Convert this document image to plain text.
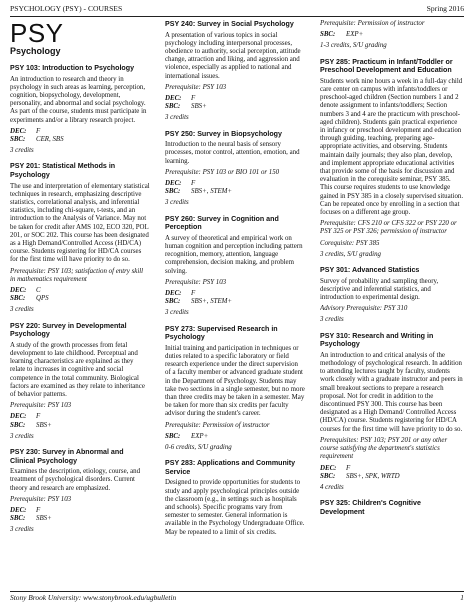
PSYCHOLOGY (PSY) - COURSES	Spring 2016
PSY
Psychology
PSY 103: Introduction to Psychology
An introduction to research and theory in psychology in such areas as learning, perception, cognition, biopsychology, development, personality, and abnormal and social psychology. As part of the course, students must participate in experiments and/or a library research project.
DEC: F
SBC: CER, SBS
3 credits
PSY 201: Statistical Methods in Psychology
The use and interpretation of elementary statistical techniques in research, emphasizing descriptive statistics, correlational analysis, and inferential statistics, including chi-square, t-tests, and an introduction to the Analysis of Variance. May not be taken for credit after AMS 102, ECO 320, POL 201, or SOC 202. This course has been designated as a High Demand/Controlled Access (HD/CA) course. Students registering for HD/CA courses for the first time will have priority to do so.
Prerequisite: PSY 103; satisfaction of entry skill in mathematics requirement
DEC: C
SBC: QPS
3 credits
PSY 220: Survey in Developmental Psychology
A study of the growth processes from fetal development to late childhood. Perceptual and learning characteristics are explained as they relate to increases in cognitive and social competence in the total community. Biological factors are examined as they relate to inheritance of behavior patterns.
Prerequisite: PSY 103
DEC: F
SBC: SBS+
3 credits
PSY 230: Survey in Abnormal and Clinical Psychology
Examines the description, etiology, course, and treatment of psychological disorders. Current theory and research are emphasized.
Prerequisite: PSY 103
DEC: F
SBC: SBS+
3 credits
PSY 240: Survey in Social Psychology
A presentation of various topics in social psychology including interpersonal processes, obedience to authority, social perception, attitude change, attraction and liking, and aggression and violence, especially as applied to national and international issues.
Prerequisite: PSY 103
DEC: F
SBC: SBS+
3 credits
PSY 250: Survey in Biopsychology
Introduction to the neural basis of sensory processes, motor control, attention, emotion, and learning.
Prerequisite: PSY 103 or BIO 101 or 150
DEC: F
SBC: SBS+, STEM+
3 credits
PSY 260: Survey in Cognition and Perception
A survey of theoretical and empirical work on human cognition and perception including pattern recognition, memory, attention, language comprehension, decision making, and problem solving.
Prerequisite: PSY 103
DEC: F
SBC: SBS+, STEM+
3 credits
PSY 273: Supervised Research in Psychology
Initial training and participation in techniques or duties related to a specific laboratory or field research experience under the direct supervision of a faculty member or advanced graduate student in the Department of Psychology. Students may take two sections in a single semester, but no more than three credits may be taken in a semester. May be taken for more than six credits per faculty advisor during the student's career.
Prerequisite: Permission of instructor
SBC: EXP+
0-6 credits, S/U grading
PSY 283: Applications and Community Service
Designed to provide opportunities for students to study and apply psychological principles outside the classroom (e.g., in settings such as hospitals and schools). Specific programs vary from semester to semester. General information is available in the Psychology Undergraduate Office. May be repeated to a limit of six credits.
Prerequisite: Permission of instructor
SBC: EXP+
1-3 credits, S/U grading
PSY 285: Practicum in Infant/Toddler or Preschool Development and Education
Students work nine hours a week in a full-day child care center on campus with infants/toddlers or preschool-aged children (Section numbers 1 and 2 denote assignment to infants/toddlers; Section numbers 3 and 4 are the practicum with preschool-aged children). Students gain practical experience in infancy or preschool development and education through guiding, teaching, preparing age-appropriate activities, and observing. Students maintain daily journals; they also plan, develop, and implement appropriate educational activities that provide some of the basis for discussion and evaluation in the corequisite seminar, PSY 385. This course requires students to use knowledge gained in PSY 385 in a closely supervised situation. Can be repeated once by enrolling in a section that focuses on a different age group.
Prerequisite: CFS 210 or CFS 322 or PSY 220 or PSY 325 or PSY 326; permission of instructor
Corequisite: PSY 385
3 credits, S/U grading
PSY 301: Advanced Statistics
Survey of probability and sampling theory, descriptive and inferential statistics, and introduction to experimental design.
Advisory Prerequisite: PSY 310
3 credits
PSY 310: Research and Writing in Psychology
An introduction to and critical analysis of the methodology of psychological research. In addition to attending lectures taught by faculty, students work closely with a graduate instructor and peers in small breakout sections to prepare a research proposal. Not for credit in addition to the discontinued PSY 300. This course has been designated as a High Demand/ Controlled Access (HD/CA) course. Students registering for HD/CA courses for the first time will have priority to do so.
Prerequisites: PSY 103; PSY 201 or any other course satisfying the department's statistics requirement
DEC: F
SBC: SBS+, SPK, WRTD
4 credits
PSY 325: Children's Cognitive Development
Stony Brook University: www.stonybrook.edu/ugbulletin	1
